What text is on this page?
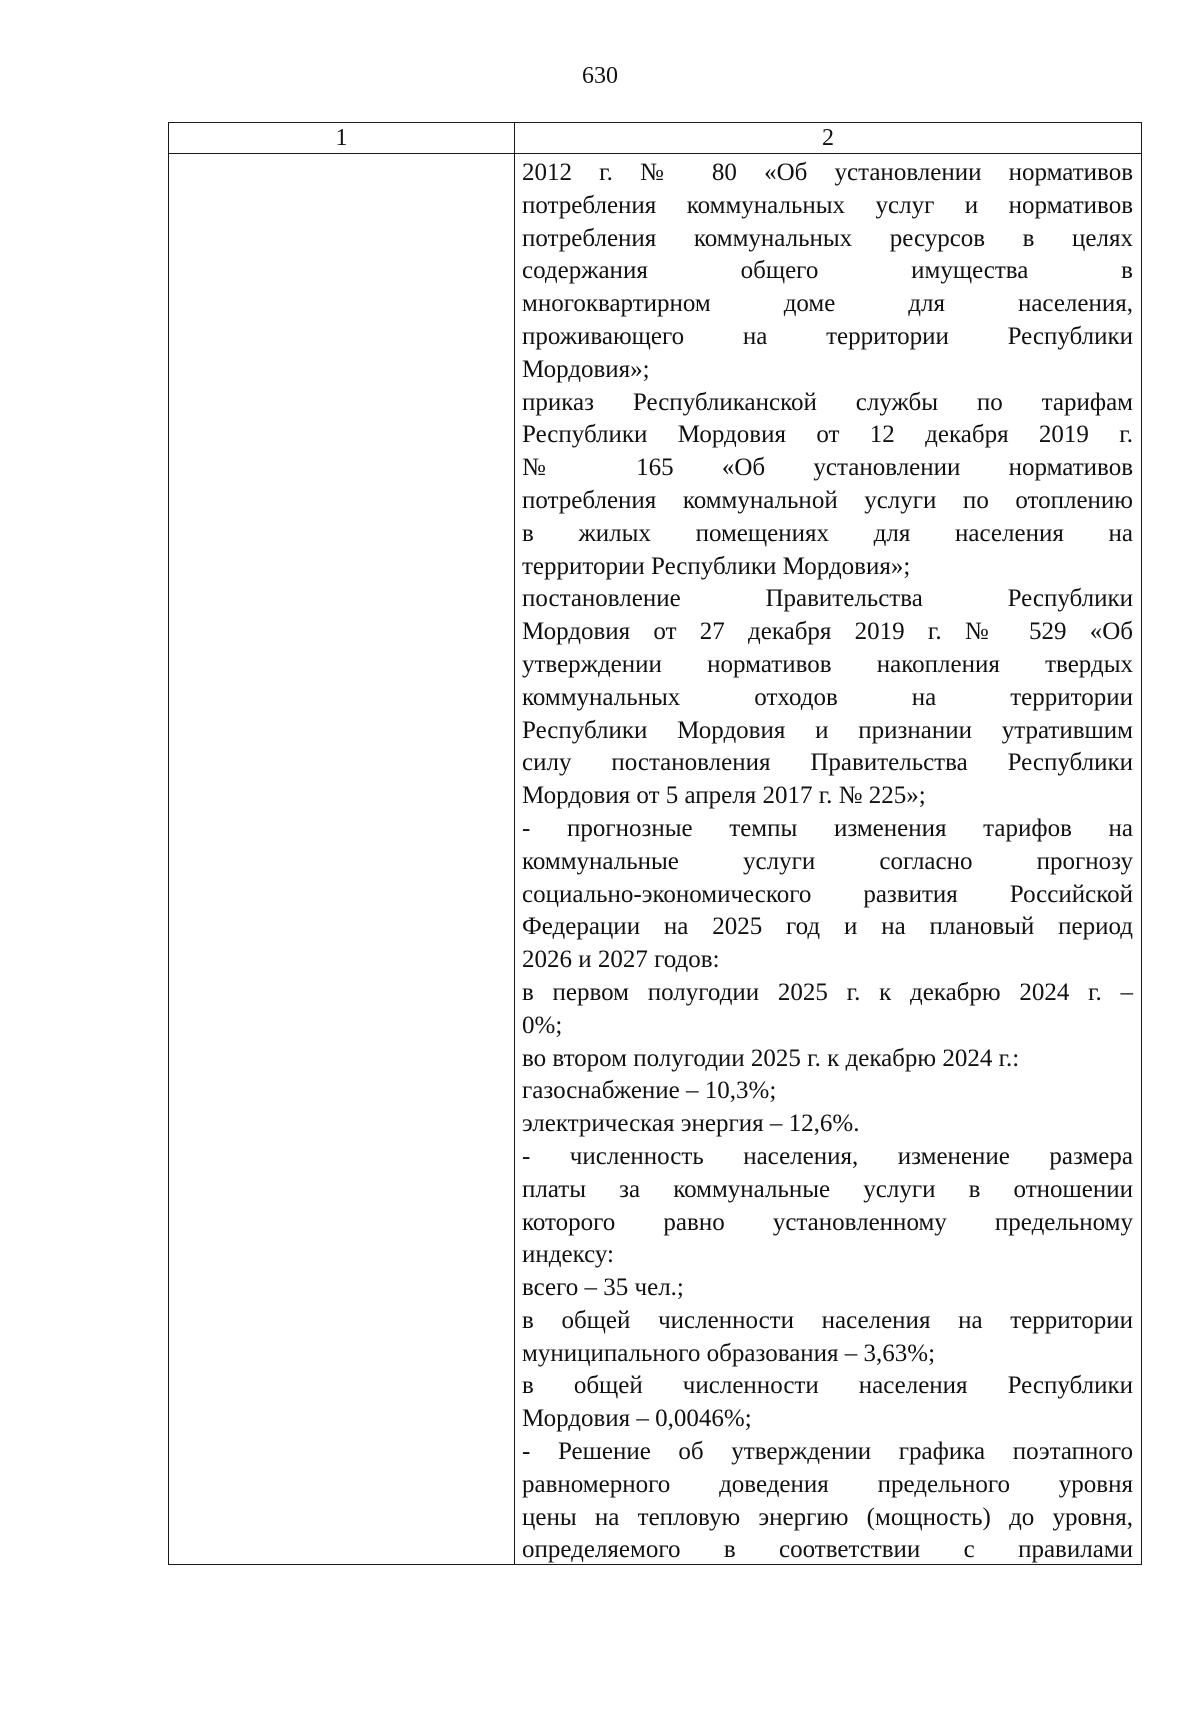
630
1	2
2012 г. № 80 «Об установлении нормативов
потребления коммунальных услуг и нормативов
потребления коммунальных ресурсов в целях
содержания общего имущества в
многоквартирном доме для населения,
проживающего на территории Республики
Мордовия»;
приказ Республиканской службы по тарифам
Республики Мордовия от 12 декабря 2019 г.
№ 165 «Об установлении нормативов
потребления коммунальной услуги по отоплению
в жилых помещениях для населения на
территории Республики Мордовия»;
постановление Правительства Республики
Мордовия от 27 декабря 2019 г. № 529 «Об
утверждении нормативов накопления твердых
коммунальных отходов на территории
Республики Мордовия и признании утратившим
силу постановления Правительства Республики
Мордовия от 5 апреля 2017 г. № 225»;
- прогнозные темпы изменения тарифов на
коммунальные услуги согласно прогнозу
социально-экономического развития Российской
Федерации на 2025 год и на плановый период
2026 и 2027 годов:
в первом полугодии 2025 г. к декабрю 2024 г. –
0%;
во втором полугодии 2025 г. к декабрю 2024 г.:
газоснабжение – 10,3%;
электрическая энергия – 12,6%.
- численность населения, изменение размера
платы за коммунальные услуги в отношении
которого равно установленному предельному
индексу:
всего – 35 чел.;
в общей численности населения на территории
муниципального образования – 3,63%;
в общей численности населения Республики
Мордовия – 0,0046%;
- Решение об утверждении графика поэтапного
равномерного доведения предельного уровня
цены на тепловую энергию (мощность) до уровня,
определяемого в соответствии с правилами
